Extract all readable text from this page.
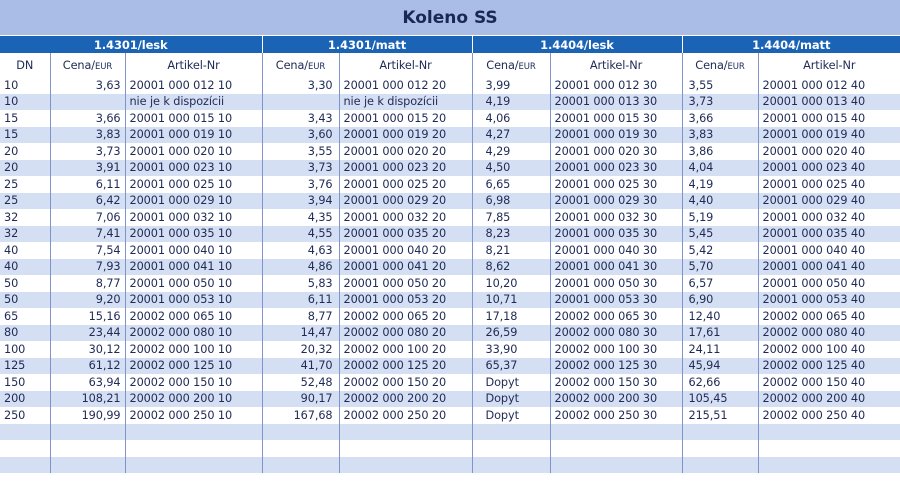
Koleno SS
1.4301/lesk			1.4301/matt		1.4404/lesk		1.4404/matt	
DN	Cena/EUR	Artikel-Nr	Cena/EUR	Artikel-Nr	Cena/EUR	Artikel-Nr	Cena/EUR	Artikel-Nr
10	3,63	20001 000 012 10	3,30	20001 000 012 20	3,99	20001 000 012 30	3,55	20001 000 012 40
10		nie je k dispozícii		nie je k dispozícii	4,19	20001 000 013 30	3,73	20001 000 013 40
15	3,66	20001 000 015 10	3,43	20001 000 015 20	4,06	20001 000 015 30	3,66	20001 000 015 40
15	3,83	20001 000 019 10	3,60	20001 000 019 20	4,27	20001 000 019 30	3,83	20001 000 019 40
20	3,73	20001 000 020 10	3,55	20001 000 020 20	4,29	20001 000 020 30	3,86	20001 000 020 40
20	3,91	20001 000 023 10	3,73	20001 000 023 20	4,50	20001 000 023 30	4,04	20001 000 023 40
25	6,11	20001 000 025 10	3,76	20001 000 025 20	6,65	20001 000 025 30	4,19	20001 000 025 40
25	6,42	20001 000 029 10	3,94	20001 000 029 20	6,98	20001 000 029 30	4,40	20001 000 029 40
32	7,06	20001 000 032 10	4,35	20001 000 032 20	7,85	20001 000 032 30	5,19	20001 000 032 40
32	7,41	20001 000 035 10	4,55	20001 000 035 20	8,23	20001 000 035 30	5,45	20001 000 035 40
40	7,54	20001 000 040 10	4,63	20001 000 040 20	8,21	20001 000 040 30	5,42	20001 000 040 40
40	7,93	20001 000 041 10	4,86	20001 000 041 20	8,62	20001 000 041 30	5,70	20001 000 041 40
50	8,77	20001 000 050 10	5,83	20001 000 050 20	10,20	20001 000 050 30	6,57	20001 000 050 40
50	9,20	20001 000 053 10	6,11	20001 000 053 20	10,71	20001 000 053 30	6,90	20001 000 053 40
65	15,16	20002 000 065 10	8,77	20002 000 065 20	17,18	20002 000 065 30	12,40	20002 000 065 40
80	23,44	20002 000 080 10	14,47	20002 000 080 20	26,59	20002 000 080 30	17,61	20002 000 080 40
100	30,12	20002 000 100 10	20,32	20002 000 100 20	33,90	20002 000 100 30	24,11	20002 000 100 40
125	61,12	20002 000 125 10	41,70	20002 000 125 20	65,37	20002 000 125 30	45,94	20002 000 125 40
150	63,94	20002 000 150 10	52,48	20002 000 150 20	Dopyt	20002 000 150 30	62,66	20002 000 150 40
200	108,21	20002 000 200 10	90,17	20002 000 200 20	Dopyt	20002 000 200 30	105,45	20002 000 200 40
250	190,99	20002 000 250 10	167,68	20002 000 250 20	Dopyt	20002 000 250 30	215,51	20002 000 250 40
